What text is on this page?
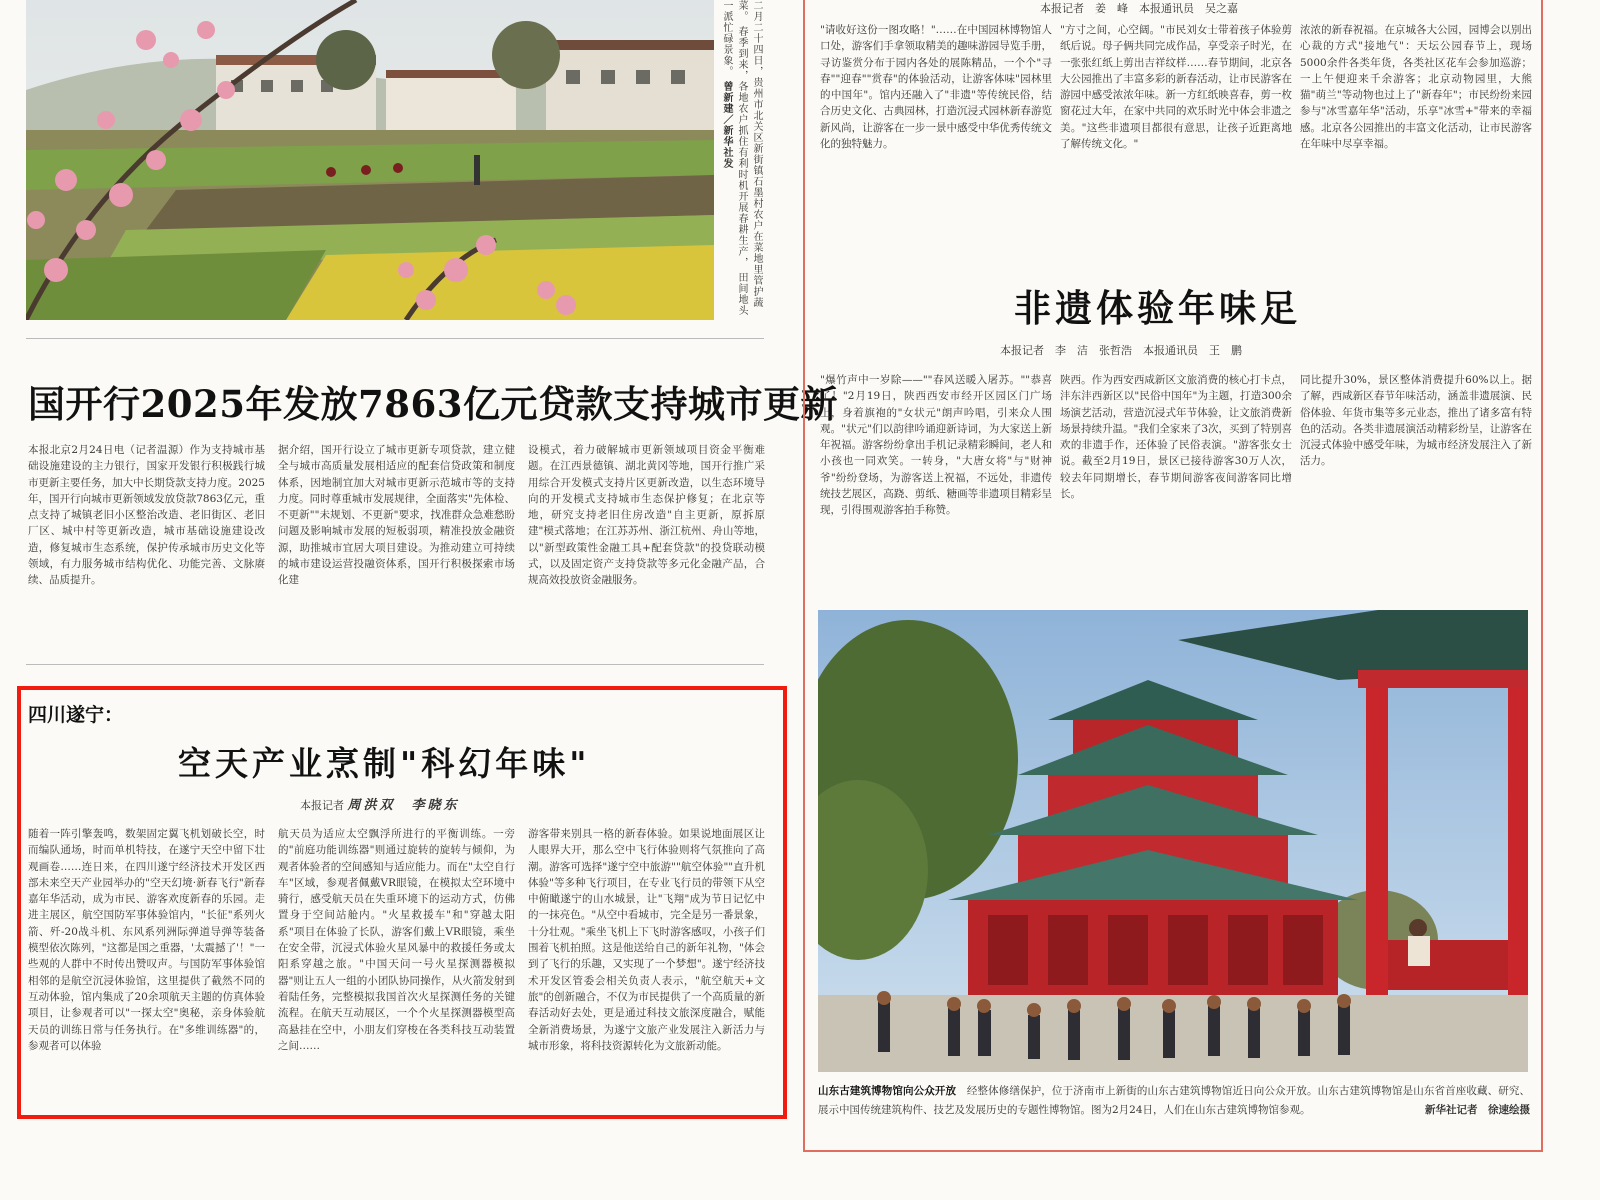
二月二十四日，贵州市北关区新街镇石墨村农户在菜地里管护蔬菜。 春季到来，各地农户抓住有利时机开展春耕生产， 田间地头一派忙碌景象。 曾新建／新华社发
国开行2025年发放7863亿元贷款支持城市更新
本报北京2月24日电（记者温源）作为支持城市基础设施建设的主力银行，国家开发银行积极践行城市更新主要任务，加大中长期贷款支持力度。2025年，国开行向城市更新领域发放贷款7863亿元，重点支持了城镇老旧小区整治改造、老旧街区、老旧厂区、城中村等更新改造，城市基础设施建设改造，修复城市生态系统，保护传承城市历史文化等领域，有力服务城市结构优化、功能完善、文脉赓续、品质提升。
据介绍，国开行设立了城市更新专项贷款，建立健全与城市高质量发展相适应的配套信贷政策和制度体系，因地制宜加大对城市更新示范城市等的支持力度。同时尊重城市发展规律，全面落实"先体检、不更新""未规划、不更新"要求，找准群众急难愁盼问题及影响城市发展的短板弱项，精准投放金融资源，助推城市宜居大项目建设。为推动建立可持续的城市建设运营投融资体系，国开行积极探索市场化建
设模式，着力破解城市更新领域项目资金平衡难题。在江西景德镇、湖北黄冈等地，国开行推广采用综合开发模式支持片区更新改造，以生态环境导向的开发模式支持城市生态保护修复；在北京等地，研究支持老旧住房改造"自主更新，原拆原建"模式落地；在江苏苏州、浙江杭州、舟山等地，以"新型政策性金融工具+配套贷款"的投贷联动模式，以及固定资产支持贷款等多元化金融产品，合规高效投放资金融服务。
四川遂宁：
空天产业烹制"科幻年味"
本报记者 周洪双　李晓东
随着一阵引擎轰鸣，数架固定翼飞机划破长空，时而编队通场，时而单机特技，在遂宁天空中留下壮观画卷……连日来，在四川遂宁经济技术开发区西部未来空天产业园举办的"空天幻境·新春飞行"新春嘉年华活动，成为市民、游客欢度新春的乐园。走进主展区，航空国防军事体验馆内，"长征"系列火箭、歼-20战斗机、东风系列洲际弹道导弹等装备模型依次陈列，"这都是国之重器，'太震撼了'！"一些观的人群中不时传出赞叹声。与国防军事体验馆相邻的是航空沉浸体验馆，这里提供了截然不同的互动体验，馆内集成了20余项航天主题的仿真体验项目，让参观者可以"一探太空"奥秘，亲身体验航天员的训练日常与任务执行。在"多维训练器"的，参观者可以体验
航天员为适应太空飘浮所进行的平衡训练。一旁的"前庭功能训练器"则通过旋转的旋转与倾仰，为观者体验者的空间感知与适应能力。而在"太空自行车"区域，参观者佩戴VR眼镜，在模拟太空环境中骑行，感受航天员在失重环境下的运动方式，仿佛置身于空间站舱内。"火星救援车"和"穿越太阳系"项目在体验了长队，游客们戴上VR眼镜，乘坐在安全带，沉浸式体验火星风暴中的救援任务或太阳系穿越之旅。"中国天问一号火星探测器模拟器"则让五人一组的小团队协同操作，从火箭发射到着陆任务，完整模拟我国首次火星探测任务的关键流程。在航天互动展区，一个个火星探测器模型高高悬挂在空中，小朋友们穿梭在各类科技互动装置之间……
游客带来别具一格的新春体验。如果说地面展区让人眼界大开，那么空中飞行体验则将气氛推向了高潮。游客可选择"遂宁空中旅游""航空体验""直升机体验"等多种飞行项目，在专业飞行员的带领下从空中俯瞰遂宁的山水城景，让"飞翔"成为节日记忆中的一抹亮色。"从空中看城市，完全是另一番景象，十分壮观。"乘坐飞机上下飞时游客感叹，小孩子们围着飞机拍照。这是他送给自己的新年礼物，"体会到了飞行的乐趣，又实现了一个梦想"。遂宁经济技术开发区管委会相关负责人表示，"航空航天+文旅"的创新融合，不仅为市民提供了一个高质量的新春活动好去处，更是通过科技文旅深度融合，赋能全新消费场景，为遂宁文旅产业发展注入新活力与城市形象，将科技资源转化为文旅新动能。
本报记者　姜　峰　本报通讯员　吴之嘉
"请收好这份一图攻略！"……在中国园林博物馆人口处，游客们手拿领取精美的趣味游园导览手册，寻访鉴赏分布于园内各处的展陈精品，一个个"寻春""迎春""赏春"的体验活动，让游客体味"园林里的中国年"。馆内还融入了"非遗"等传统民俗，结合历史文化、古典园林，打造沉浸式园林新春游览新风尚，让游客在一步一景中感受中华优秀传统文化的独特魅力。
"方寸之间，心空阔。"市民刘女士带着孩子体验剪纸后说。母子俩共同完成作品，享受亲子时光，在一张张红纸上剪出吉祥纹样……春节期间，北京各大公园推出了丰富多彩的新春活动，让市民游客在游园中感受浓浓年味。新一方红纸映喜春，剪一枚窗花过大年，在家中共同的欢乐时光中体会非遗之美。"这些非遗项目都很有意思，让孩子近距离地了解传统文化。"
浓浓的新春祝福。在京城各大公园，园博会以别出心裁的方式"接地气"：天坛公园春节上，现场5000余件各类年货，各类社区花车会参加巡游；一上午便迎来千余游客；北京动物园里，大熊猫"萌兰"等动物也过上了"新春年"；市民纷纷来园参与"冰雪嘉年华"活动，乐享"冰雪+"带来的幸福感。北京各公园推出的丰富文化活动，让市民游客在年味中尽享幸福。
非遗体验年味足
本报记者　李　洁　张哲浩　本报通讯员　王　鹏
"爆竹声中一岁除——""春风送暖入屠苏。""恭喜了！"2月19日，陕西西安市经开区园区门广场上，身着旗袍的"女状元"朗声吟唱，引来众人围观。"状元"们以韵律吟诵迎新诗词，为大家送上新年祝福。游客纷纷拿出手机记录精彩瞬间，老人和小孩也一同欢笑。一转身，"大唐女将"与"财神爷"纷纷登场，为游客送上祝福，不远处，非遗传统技艺展区，高跷、剪纸、糖画等非遗项目精彩呈现，引得围观游客拍手称赞。
陕西。作为西安西咸新区文旅消费的核心打卡点，沣东沣西新区以"民俗中国年"为主题，打造300余场演艺活动，营造沉浸式年节体验，让文旅消费新场景持续升温。"我们全家来了3次，买到了特别喜欢的非遗手作，还体验了民俗表演。"游客张女士说。截至2月19日，景区已接待游客30万人次，较去年同期增长，春节期间游客夜间游客同比增长。
同比提升30%，景区整体消费提升60%以上。据了解，西咸新区春节年味活动，涵盖非遗展演、民俗体验、年货市集等多元业态，推出了诸多富有特色的活动。各类非遗展演活动精彩纷呈，让游客在沉浸式体验中感受年味，为城市经济发展注入了新活力。
山东古建筑博物馆向公众开放　 经整体修缮保护，位于济南市上新街的山东古建筑博物馆近日向公众开放。山东古建筑博物馆是山东省首座收藏、研究、展示中国传统建筑构件、技艺及发展历史的专题性博物馆。图为2月24日，人们在山东古建筑博物馆参观。	新华社记者　徐速绘摄
